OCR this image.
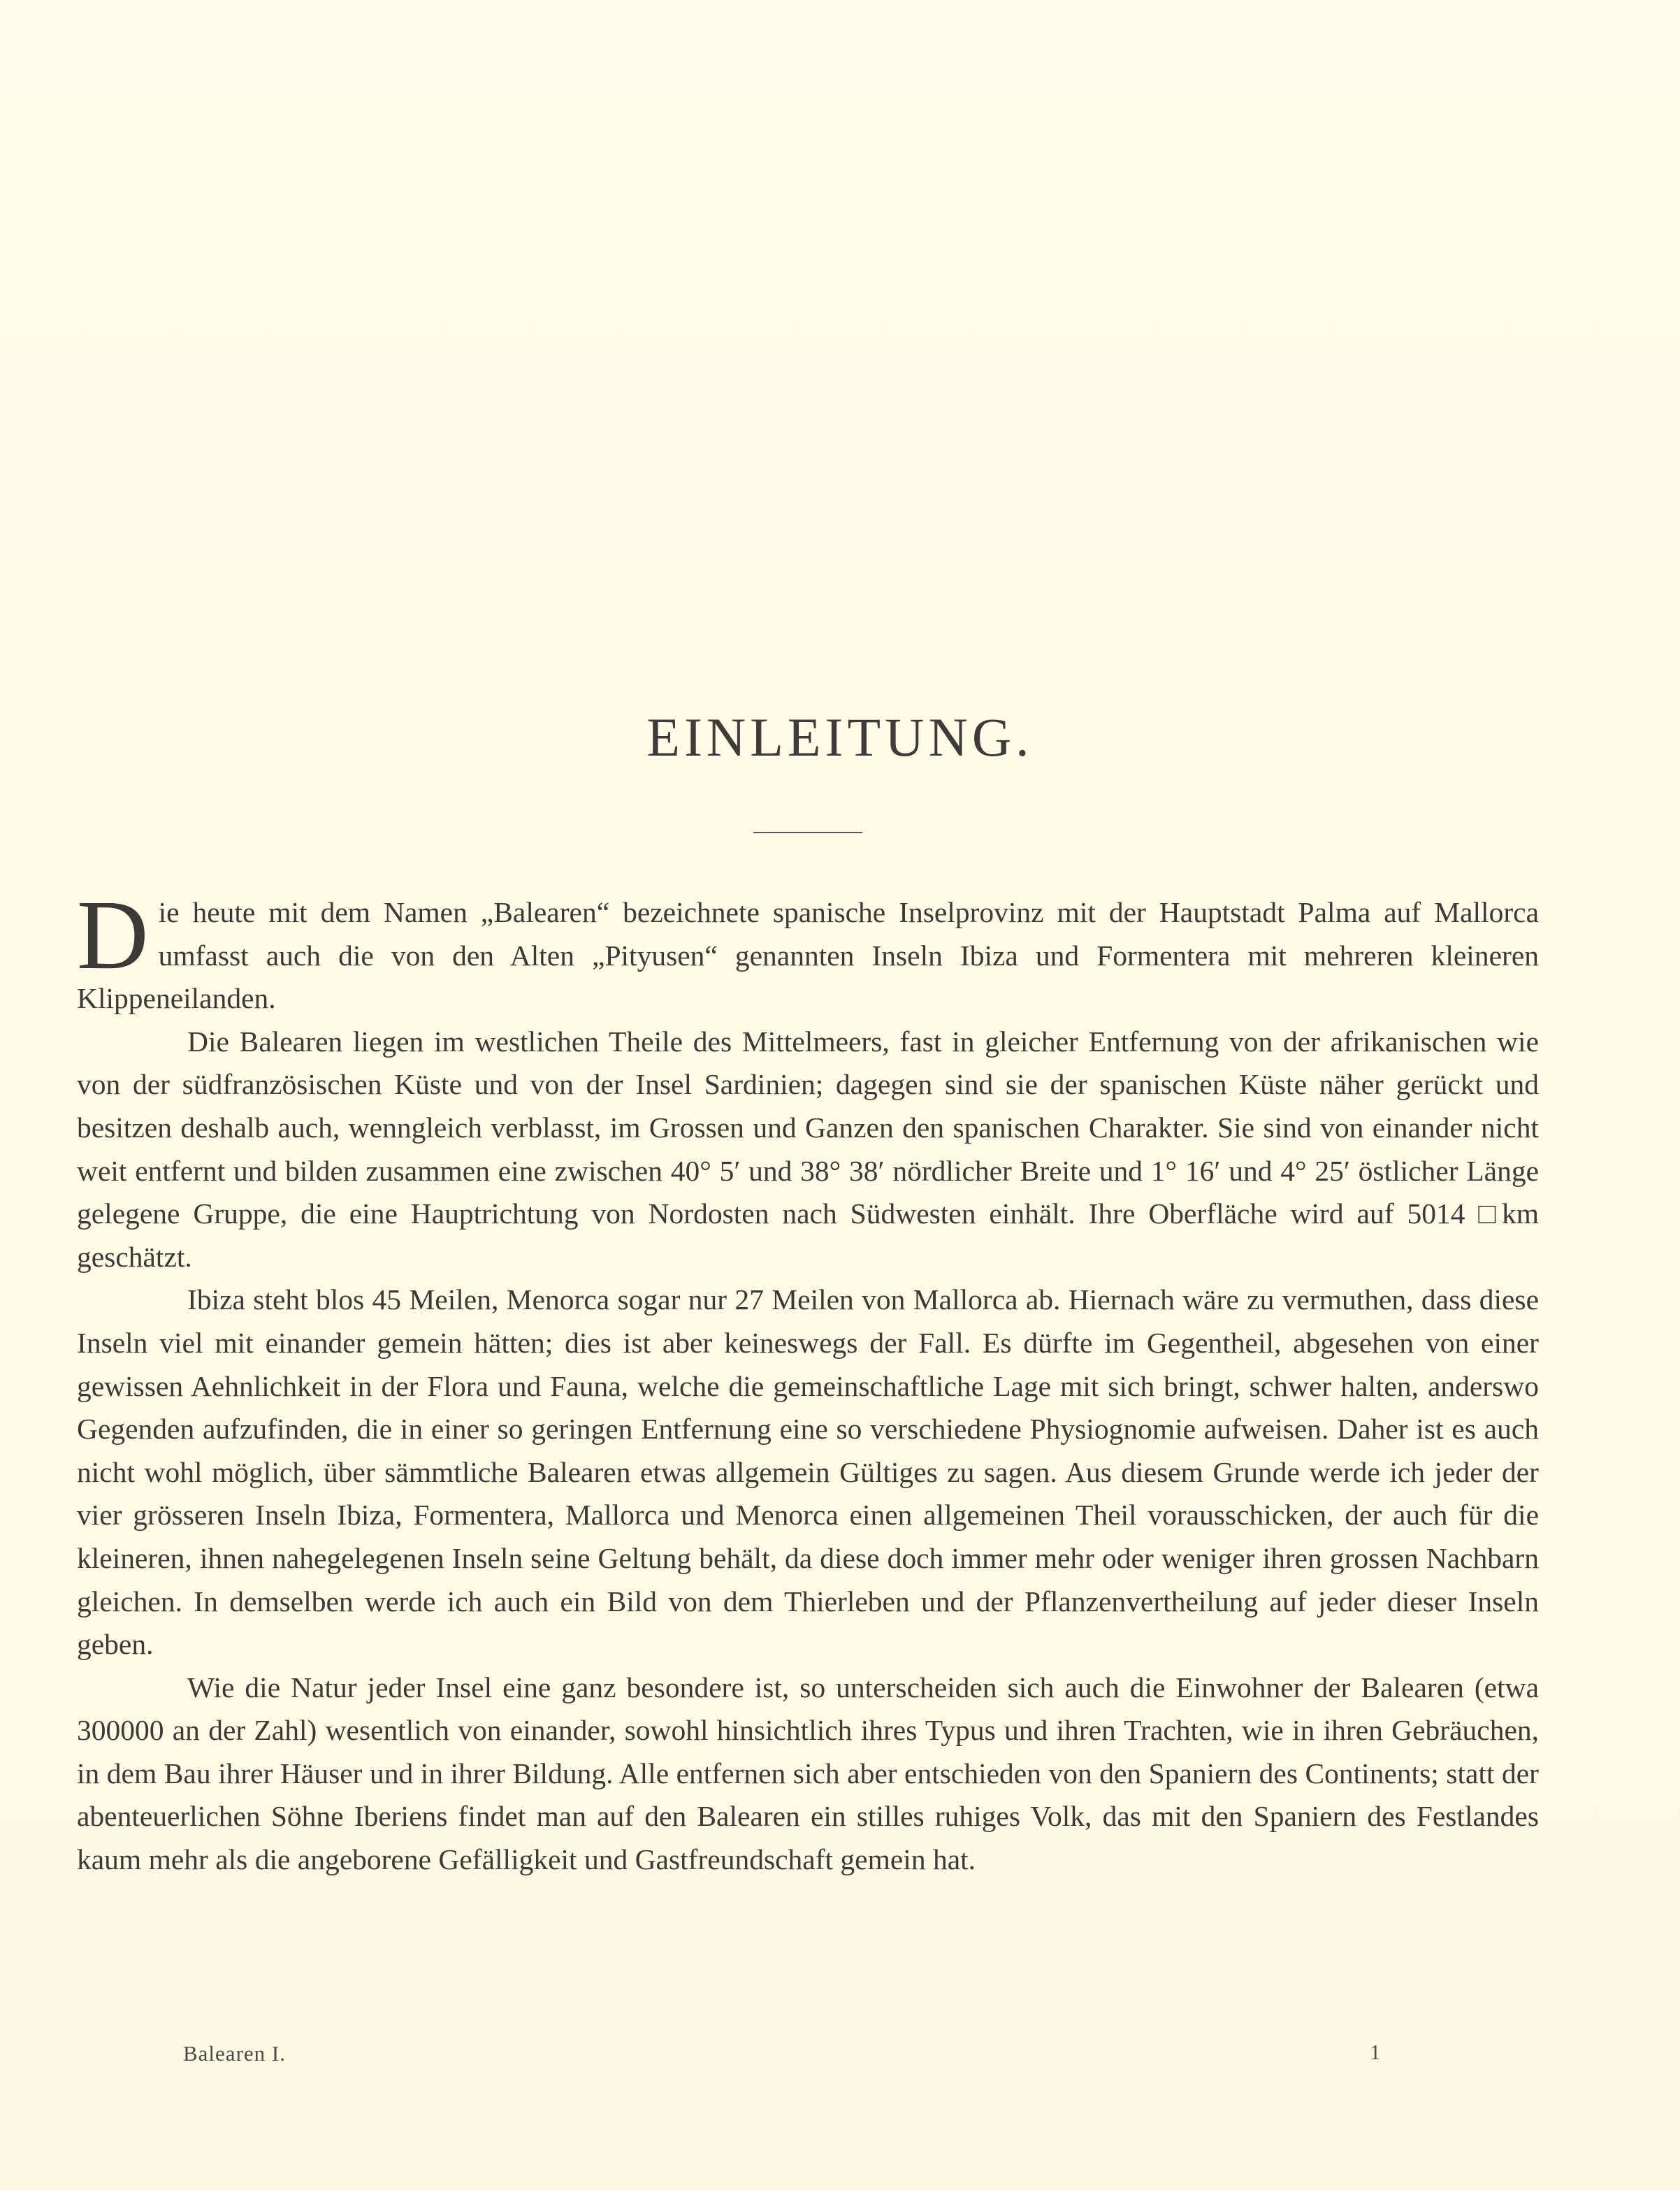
EINLEITUNG.

Die heute mit dem Namen „Balearen“ bezeichnete spanische Inselprovinz mit der Hauptstadt Palma auf Mallorca umfasst auch die von den Alten „Pityusen“ genannten Inseln Ibiza und Formentera mit mehreren kleineren Klippeneilanden.

Die Balearen liegen im westlichen Theile des Mittelmeers, fast in gleicher Entfernung von der afrikanischen wie von der südfranzösischen Küste und von der Insel Sardinien; dagegen sind sie der spanischen Küste näher gerückt und besitzen deshalb auch, wenngleich verblasst, im Grossen und Ganzen den spanischen Charakter. Sie sind von einander nicht weit entfernt und bilden zusammen eine zwischen 40° 5′ und 38° 38′ nördlicher Breite und 1° 16′ und 4° 25′ östlicher Länge gelegene Gruppe, die eine Hauptrichtung von Nordosten nach Südwesten einhält. Ihre Oberfläche wird auf 5014 □km geschätzt.

Ibiza steht blos 45 Meilen, Menorca sogar nur 27 Meilen von Mallorca ab. Hiernach wäre zu vermuthen, dass diese Inseln viel mit einander gemein hätten; dies ist aber keineswegs der Fall. Es dürfte im Gegentheil, abgesehen von einer gewissen Aehnlichkeit in der Flora und Fauna, welche die gemeinschaftliche Lage mit sich bringt, schwer halten, anderswo Gegenden aufzufinden, die in einer so geringen Entfernung eine so verschiedene Physiognomie aufweisen. Daher ist es auch nicht wohl möglich, über sämmtliche Balearen etwas allgemein Gültiges zu sagen. Aus diesem Grunde werde ich jeder der vier grösseren Inseln Ibiza, Formentera, Mallorca und Menorca einen allgemeinen Theil vorausschicken, der auch für die kleineren, ihnen nahegelegenen Inseln seine Geltung behält, da diese doch immer mehr oder weniger ihren grossen Nachbarn gleichen. In demselben werde ich auch ein Bild von dem Thierleben und der Pflanzenvertheilung auf jeder dieser Inseln geben.

Wie die Natur jeder Insel eine ganz besondere ist, so unterscheiden sich auch die Einwohner der Balearen (etwa 300000 an der Zahl) wesentlich von einander, sowohl hinsichtlich ihres Typus und ihren Trachten, wie in ihren Gebräuchen, in dem Bau ihrer Häuser und in ihrer Bildung. Alle entfernen sich aber entschieden von den Spaniern des Continents; statt der abenteuerlichen Söhne Iberiens findet man auf den Balearen ein stilles ruhiges Volk, das mit den Spaniern des Festlandes kaum mehr als die angeborene Gefälligkeit und Gastfreundschaft gemein hat.

Balearen I.	1
